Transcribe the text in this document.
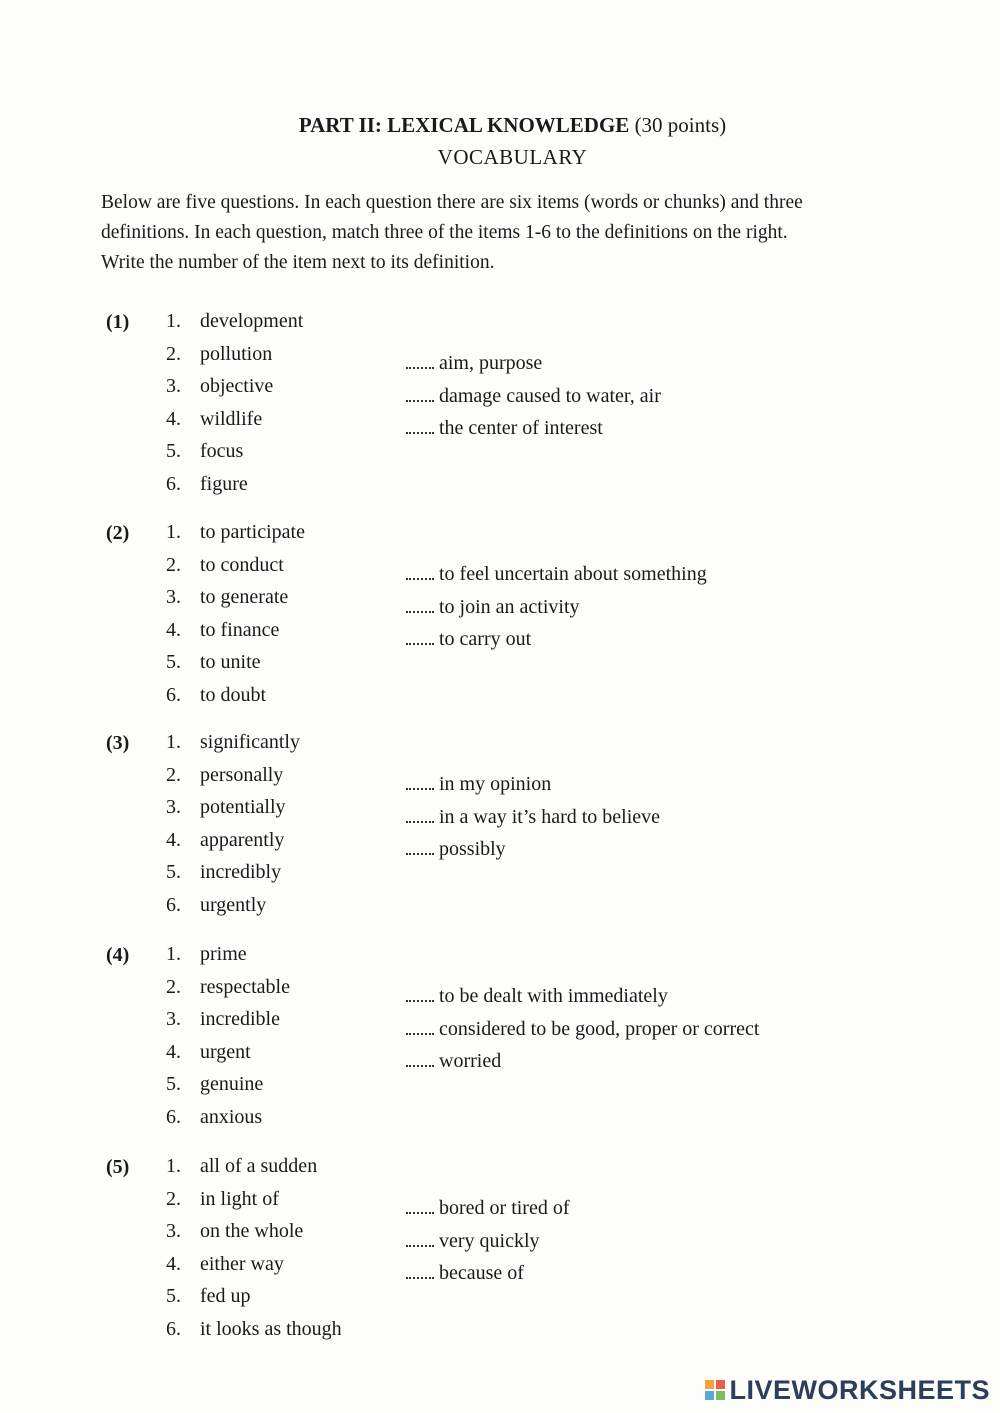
PART II: LEXICAL KNOWLEDGE (30 points)
VOCABULARY
Below are five questions. In each question there are six items (words or chunks) and three
definitions. In each question, match three of the items 1-6 to the definitions on the right.
Write the number of the item next to its definition.
(1) 1. development
2. pollution
3. objective
4. wildlife
5. focus
6. figure
aim, purpose
damage caused to water, air
the center of interest
(2) 1. to participate
2. to conduct
3. to generate
4. to finance
5. to unite
6. to doubt
to feel uncertain about something
to join an activity
to carry out
(3) 1. significantly
2. personally
3. potentially
4. apparently
5. incredibly
6. urgently
in my opinion
in a way it’s hard to believe
possibly
(4) 1. prime
2. respectable
3. incredible
4. urgent
5. genuine
6. anxious
to be dealt with immediately
considered to be good, proper or correct
worried
(5) 1. all of a sudden
2. in light of
3. on the whole
4. either way
5. fed up
6. it looks as though
bored or tired of
very quickly
because of
LIVEWORKSHEETS
